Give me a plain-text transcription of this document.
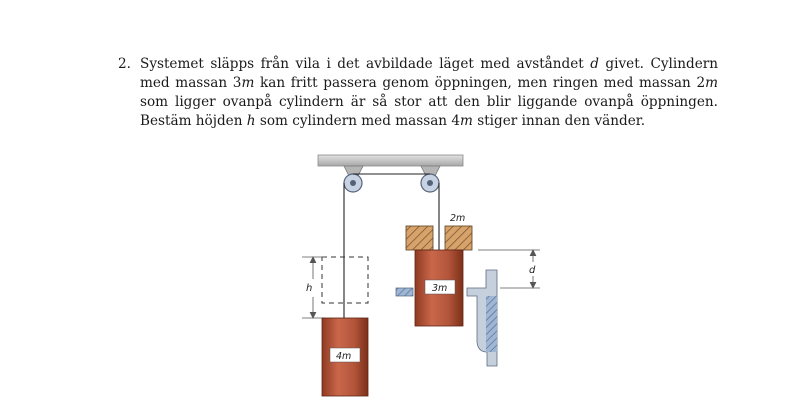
2. Systemet släpps från vila i det avbildade läget med avståndet d givet. Cylindern med massan 3m kan fritt passera genom öppningen, men ringen med massan 2m som ligger ovanpå cylindern är så stor att den blir liggande ovanpå öppningen. Bestäm höjden h som cylindern med massan 4m stiger innan den vänder.
h
4m
2m
3m
d
